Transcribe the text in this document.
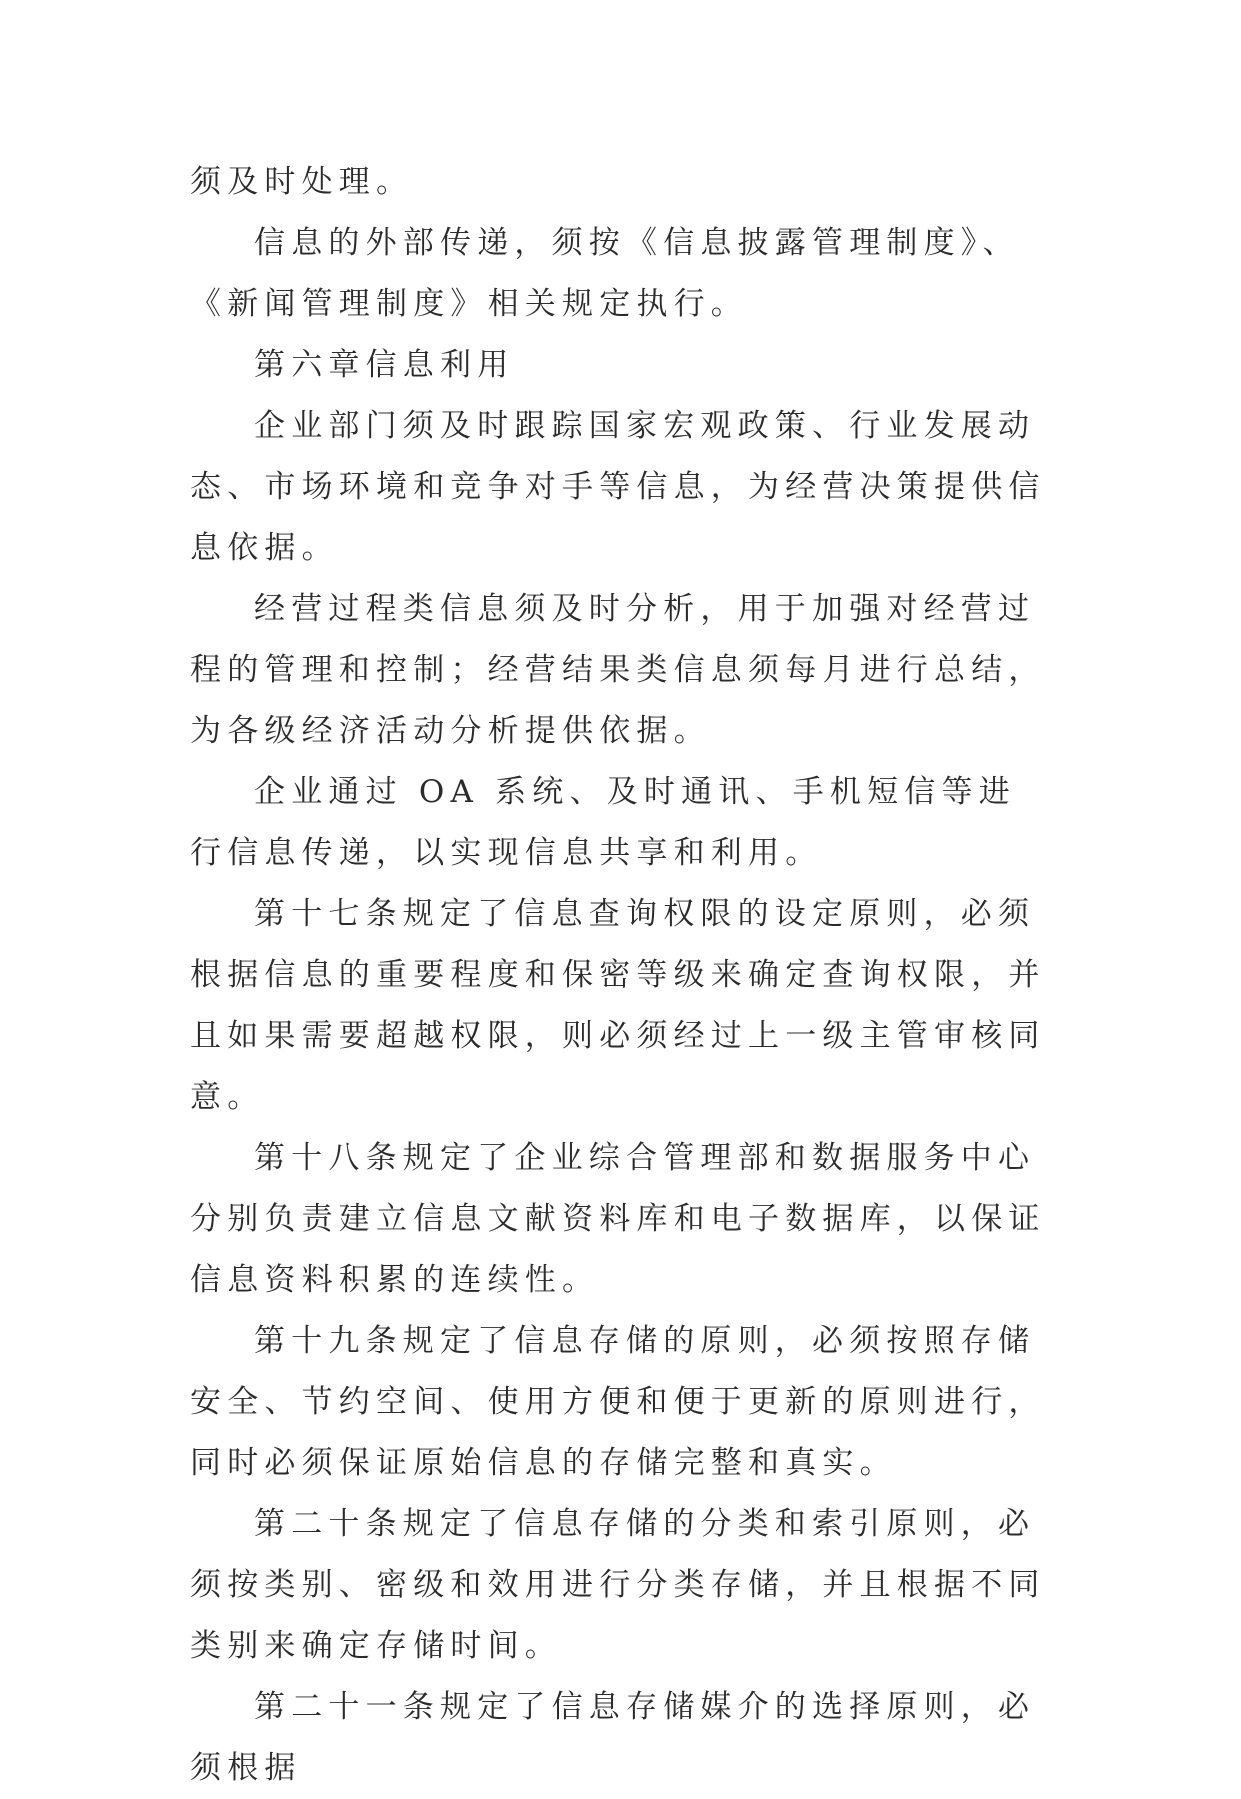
须及时处理。

信息的外部传递，须按《信息披露管理制度》、《新闻管理制度》相关规定执行。

第六章信息利用

企业部门须及时跟踪国家宏观政策、行业发展动态、市场环境和竞争对手等信息，为经营决策提供信息依据。

经营过程类信息须及时分析，用于加强对经营过程的管理和控制；经营结果类信息须每月进行总结，为各级经济活动分析提供依据。

企业通过 OA 系统、及时通讯、手机短信等进行信息传递，以实现信息共享和利用。

第十七条规定了信息查询权限的设定原则，必须根据信息的重要程度和保密等级来确定查询权限，并且如果需要超越权限，则必须经过上一级主管审核同意。

第十八条规定了企业综合管理部和数据服务中心分别负责建立信息文献资料库和电子数据库，以保证信息资料积累的连续性。

第十九条规定了信息存储的原则，必须按照存储安全、节约空间、使用方便和便于更新的原则进行，同时必须保证原始信息的存储完整和真实。

第二十条规定了信息存储的分类和索引原则，必须按类别、密级和效用进行分类存储，并且根据不同类别来确定存储时间。

第二十一条规定了信息存储媒介的选择原则，必须根据
